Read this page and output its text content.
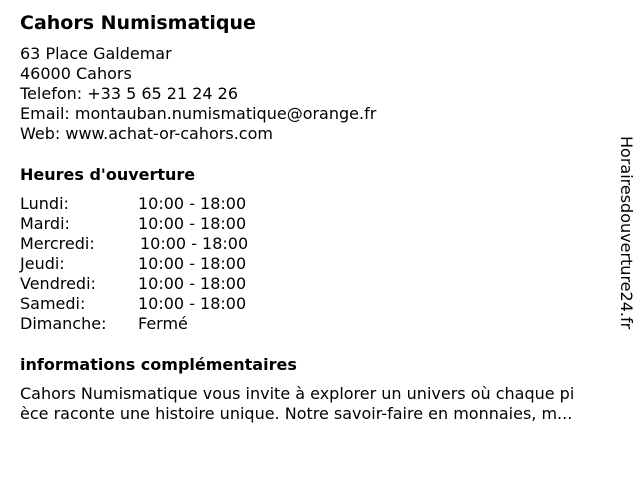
Cahors Numismatique
63 Place Galdemar
46000 Cahors
Telefon: +33 5 65 21 24 26
Email: montauban.numismatique@orange.fr
Web: www.achat-or-cahors.com
Heures d'ouverture
Lundi:	10:00 - 18:00
Mardi:	10:00 - 18:00
Mercredi:	10:00 - 18:00
Jeudi:	10:00 - 18:00
Vendredi:	10:00 - 18:00
Samedi:	10:00 - 18:00
Dimanche: Fermé
informations complémentaires
Cahors Numismatique vous invite à explorer un univers où chaque pi
èce raconte une histoire unique. Notre savoir-faire en monnaies, m...
Horairesdouverture24.fr
